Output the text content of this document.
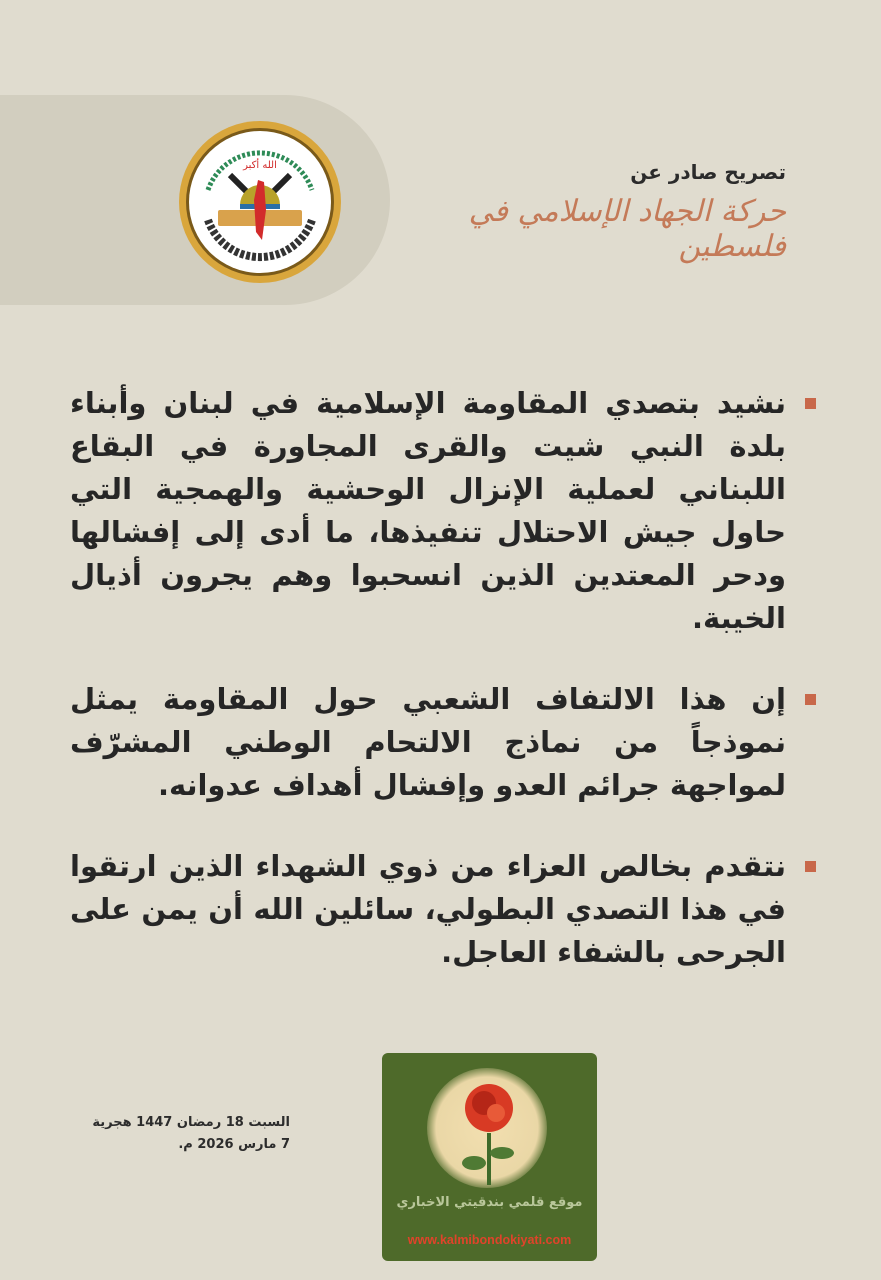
الله أكبر	تصريح صادر عن
حركة الجهاد الإسلامي في فلسطين
نشيد بتصدي المقاومة الإسلامية في لبنان وأبناء بلدة النبي شيت والقرى المجاورة في البقاع اللبناني لعملية الإنزال الوحشية والهمجية التي حاول جيش الاحتلال تنفيذها، ما أدى إلى إفشالها ودحر المعتدين الذين انسحبوا وهم يجرون أذيال الخيبة.
إن هذا الالتفاف الشعبي حول المقاومة يمثل نموذجاً من نماذج الالتحام الوطني المشرّف لمواجهة جرائم العدو وإفشال أهداف عدوانه.
نتقدم بخالص العزاء من ذوي الشهداء الذين ارتقوا في هذا التصدي البطولي، سائلين الله أن يمن على الجرحى بالشفاء العاجل.
السبت 18 رمضان 1447 هجرية
7 مارس 2026 م.
موقع قلمي بندقيتي الاخباري
www.kalmibondokiyati.com
